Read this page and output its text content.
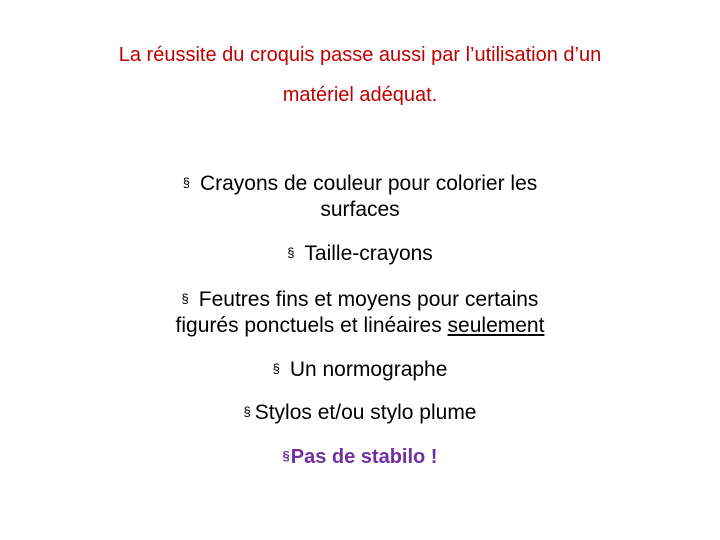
La réussite du croquis passe aussi par l’utilisation d’un
matériel adéquat.
§ Crayons de couleur pour colorier les
surfaces
§ Taille-crayons
§ Feutres fins et moyens pour certains
figurés ponctuels et linéaires seulement
§ Un normographe
§ Stylos et/ou stylo plume
§Pas de stabilo !
